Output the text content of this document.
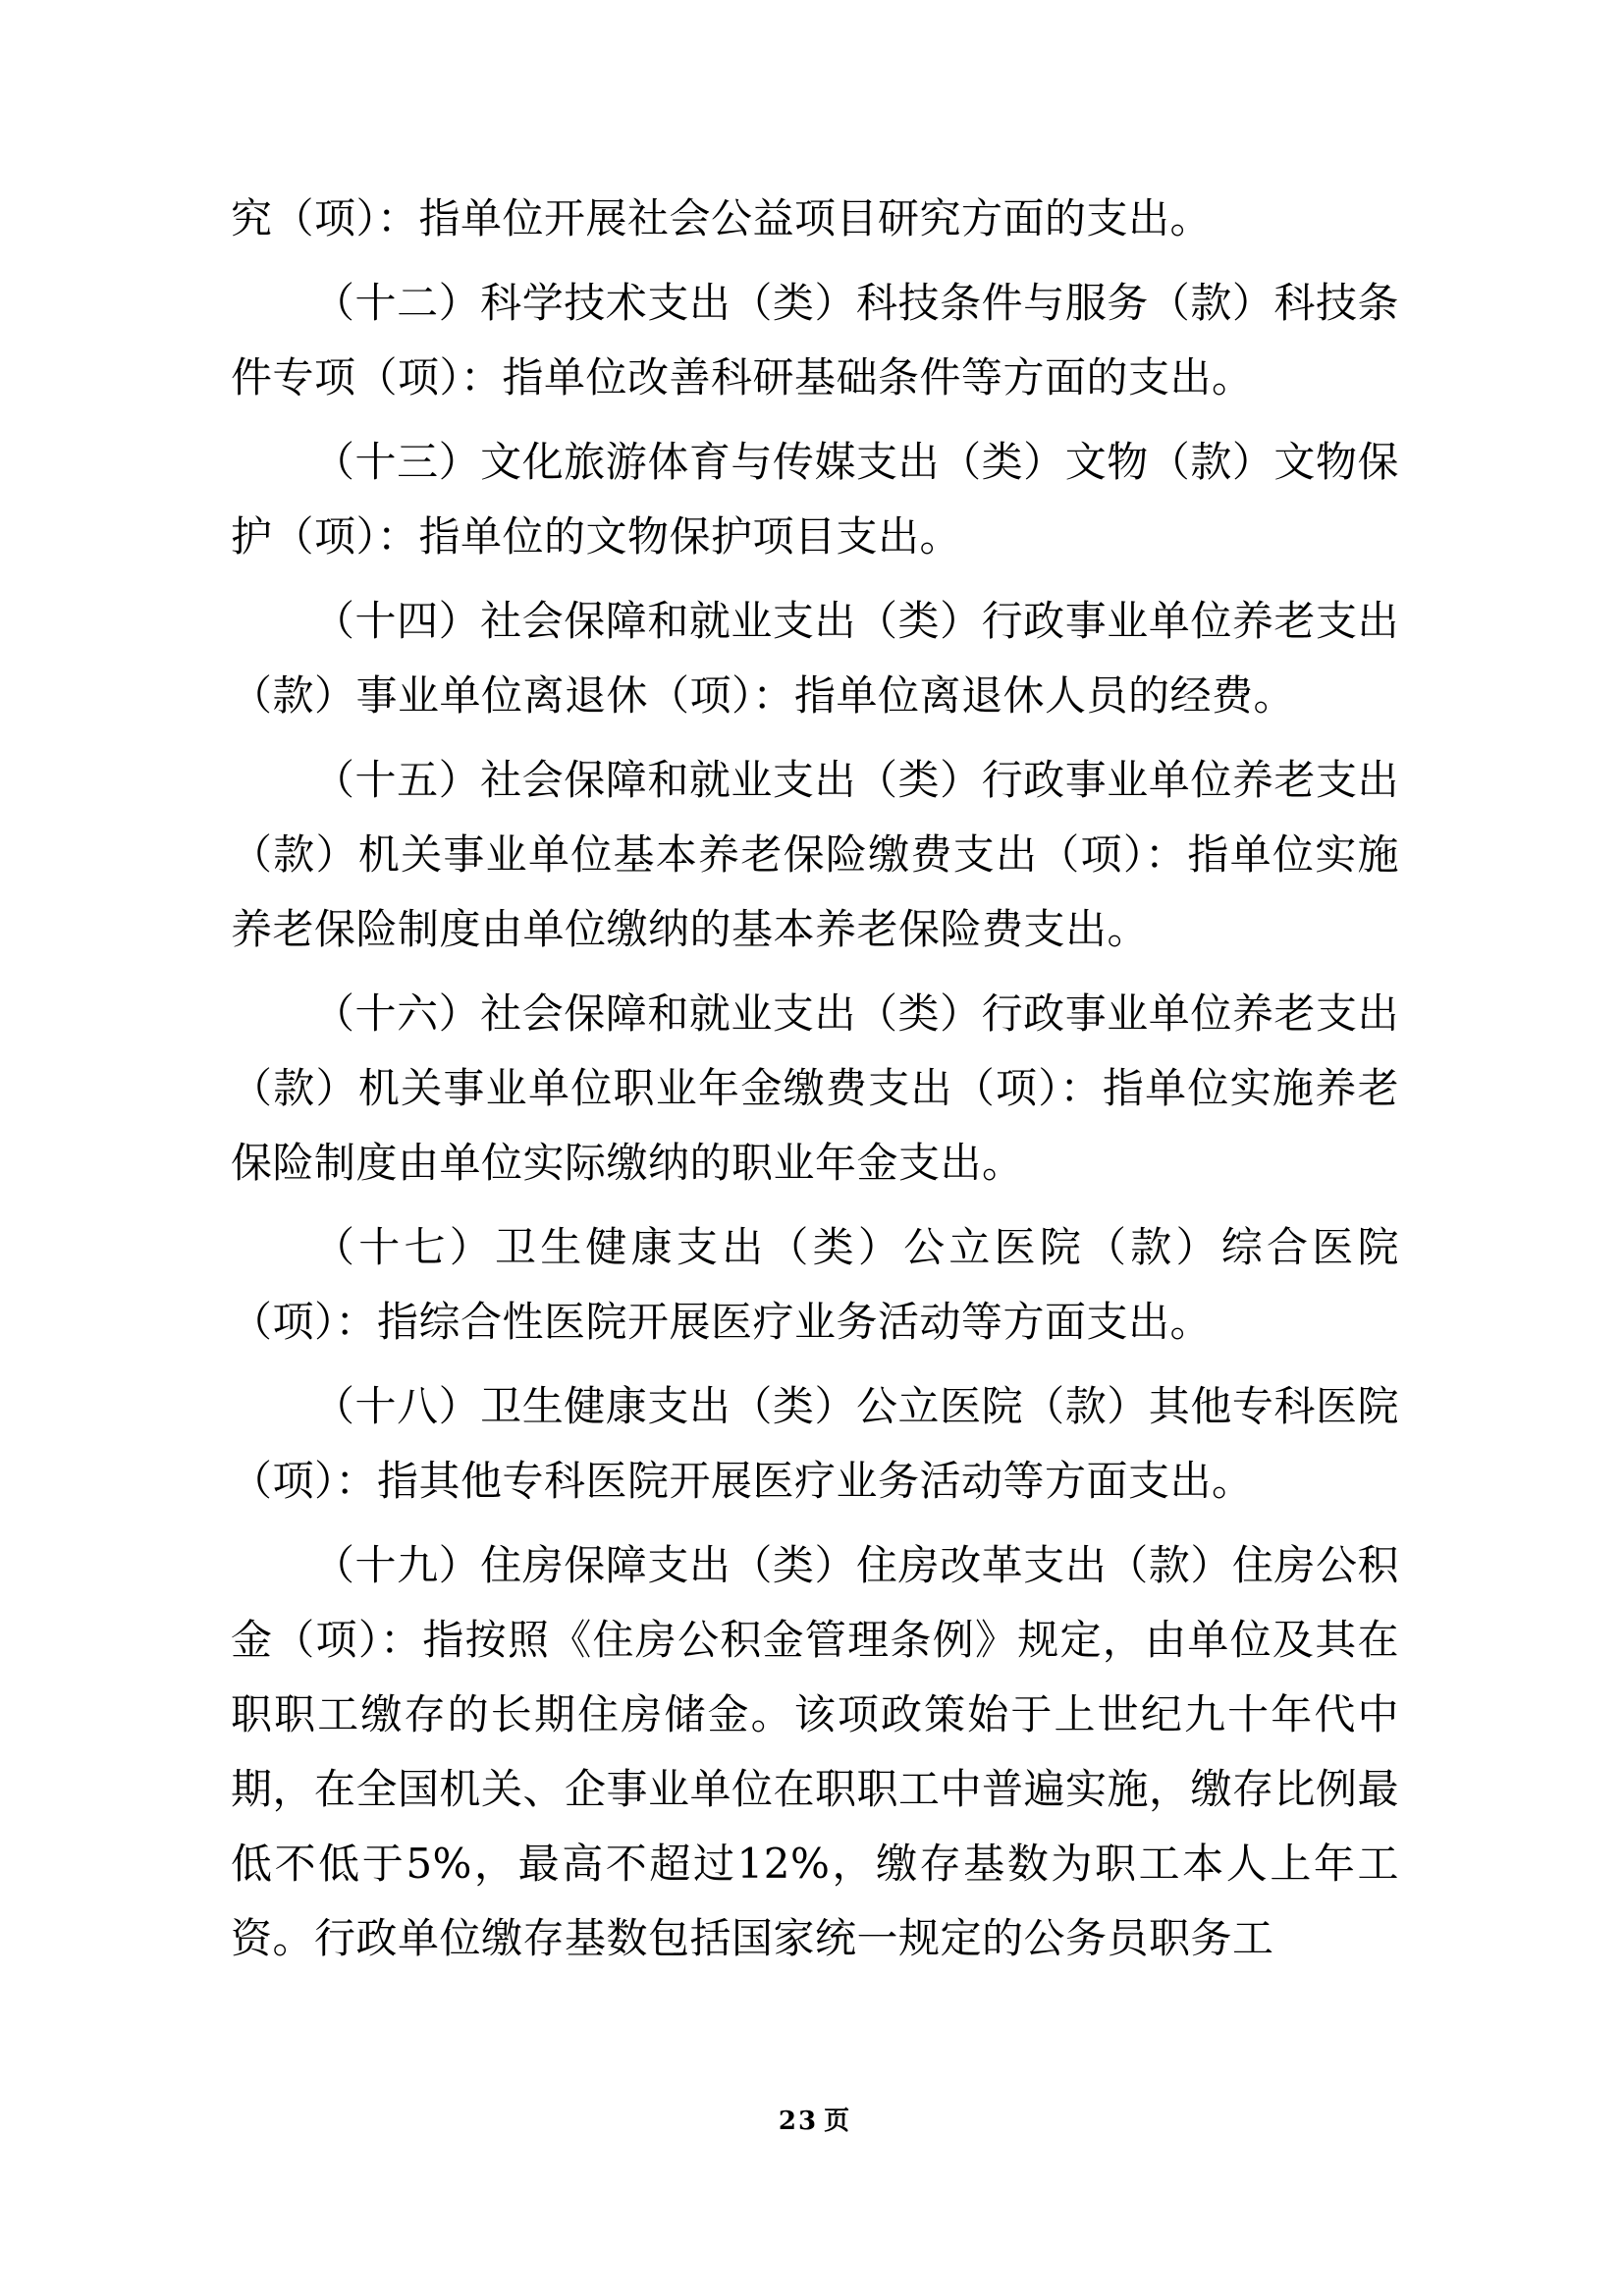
究（项）：指单位开展社会公益项目研究方面的支出。

（十二）科学技术支出（类）科技条件与服务（款）科技条件专项（项）：指单位改善科研基础条件等方面的支出。

（十三）文化旅游体育与传媒支出（类）文物（款）文物保护（项）：指单位的文物保护项目支出。

（十四）社会保障和就业支出（类）行政事业单位养老支出（款）事业单位离退休（项）：指单位离退休人员的经费。

（十五）社会保障和就业支出（类）行政事业单位养老支出（款）机关事业单位基本养老保险缴费支出（项）：指单位实施养老保险制度由单位缴纳的基本养老保险费支出。

（十六）社会保障和就业支出（类）行政事业单位养老支出（款）机关事业单位职业年金缴费支出（项）：指单位实施养老保险制度由单位实际缴纳的职业年金支出。

（十七）卫生健康支出（类）公立医院（款）综合医院（项）：指综合性医院开展医疗业务活动等方面支出。

（十八）卫生健康支出（类）公立医院（款）其他专科医院（项）：指其他专科医院开展医疗业务活动等方面支出。

（十九）住房保障支出（类）住房改革支出（款）住房公积金（项）：指按照《住房公积金管理条例》规定，由单位及其在职职工缴存的长期住房储金。该项政策始于上世纪九十年代中期，在全国机关、企事业单位在职职工中普遍实施，缴存比例最低不低于5%，最高不超过12%，缴存基数为职工本人上年工资。行政单位缴存基数包括国家统一规定的公务员职务工

23 页
